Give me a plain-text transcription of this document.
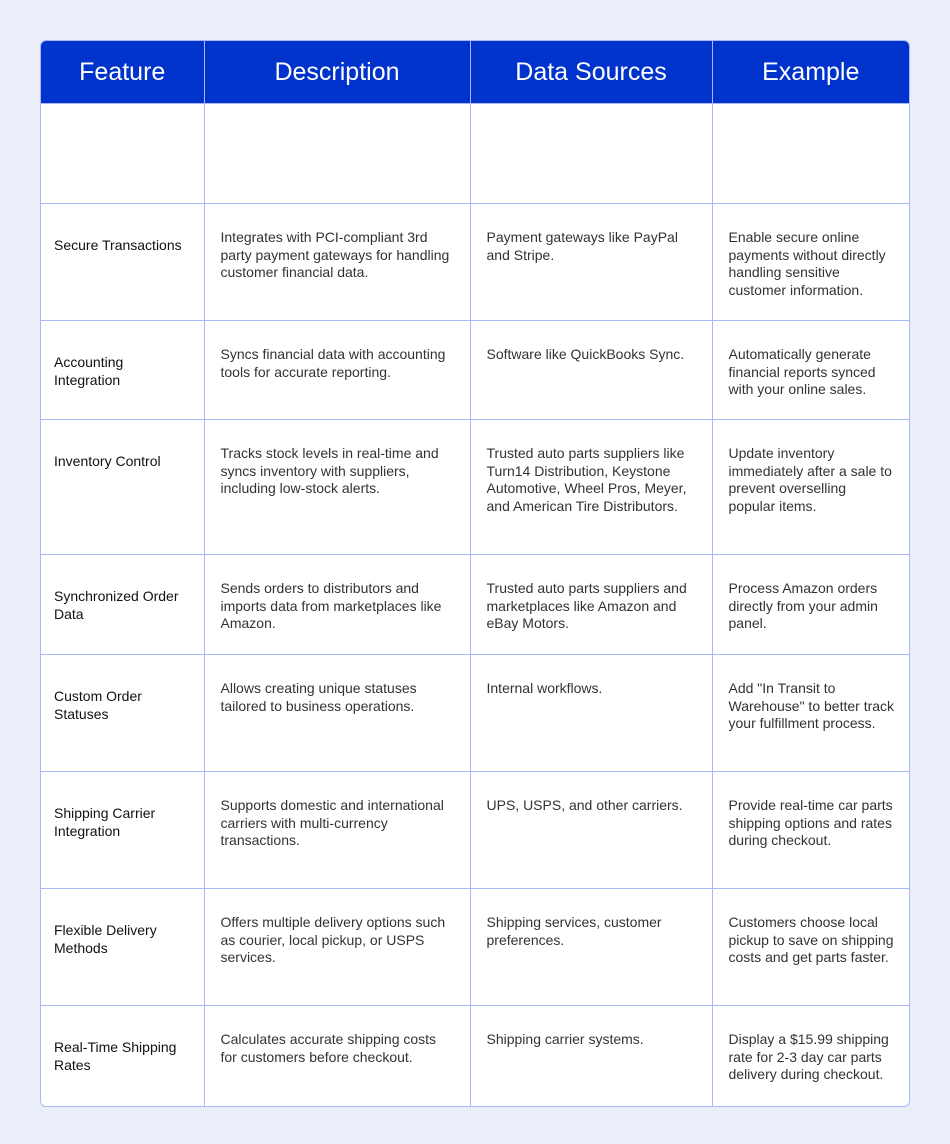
Feature	Description	Data Sources	Example

Secure Transactions	Integrates with PCI-compliant 3rd party payment gateways for handling customer financial data.	Payment gateways like PayPal and Stripe.	Enable secure online payments without directly handling sensitive customer information.
Accounting Integration	Syncs financial data with accounting tools for accurate reporting.	Software like QuickBooks Sync.	Automatically generate financial reports synced with your online sales.
Inventory Control	Tracks stock levels in real-time and syncs inventory with suppliers, including low-stock alerts.	Trusted auto parts suppliers like Turn14 Distribution, Keystone Automotive, Wheel Pros, Meyer, and American Tire Distributors.	Update inventory immediately after a sale to prevent overselling popular items.
Synchronized Order Data	Sends orders to distributors and imports data from marketplaces like Amazon.	Trusted auto parts suppliers and marketplaces like Amazon and eBay Motors.	Process Amazon orders directly from your admin panel.
Custom Order Statuses	Allows creating unique statuses tailored to business operations.	Internal workflows.	Add "In Transit to Warehouse" to better track your fulfillment process.
Shipping Carrier Integration	Supports domestic and international carriers with multi-currency transactions.	UPS, USPS, and other carriers.	Provide real-time car parts shipping options and rates during checkout.
Flexible Delivery Methods	Offers multiple delivery options such as courier, local pickup, or USPS services.	Shipping services, customer preferences.	Customers choose local pickup to save on shipping costs and get parts faster.
Real-Time Shipping Rates	Calculates accurate shipping costs for customers before checkout.	Shipping carrier systems.	Display a $15.99 shipping rate for 2-3 day car parts delivery during checkout.
